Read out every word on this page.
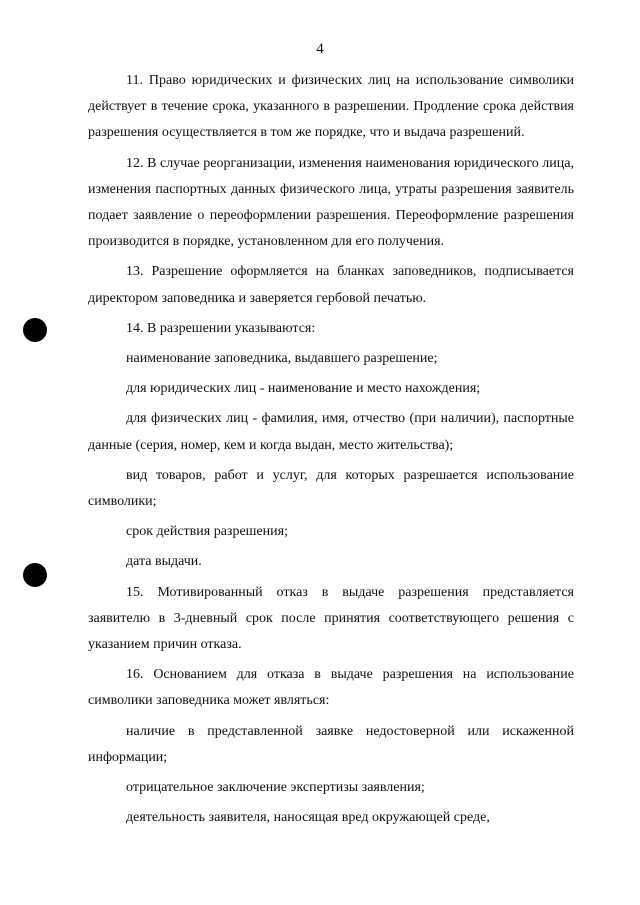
4

11. Право юридических и физических лиц на использование символики действует в течение срока, указанного в разрешении. Продление срока действия разрешения осуществляется в том же порядке, что и выдача разрешений.

12. В случае реорганизации, изменения наименования юридического лица, изменения паспортных данных физического лица, утраты разрешения заявитель подает заявление о переоформлении разрешения. Переоформление разрешения производится в порядке, установленном для его получения.

13. Разрешение оформляется на бланках заповедников, подписывается директором заповедника и заверяется гербовой печатью.

14. В разрешении указываются:

наименование заповедника, выдавшего разрешение;

для юридических лиц - наименование и место нахождения;

для физических лиц - фамилия, имя, отчество (при наличии), паспортные данные (серия, номер, кем и когда выдан, место жительства);

вид товаров, работ и услуг, для которых разрешается использование символики;

срок действия разрешения;

дата выдачи.

15. Мотивированный отказ в выдаче разрешения представляется заявителю в 3-дневный срок после принятия соответствующего решения с указанием причин отказа.

16. Основанием для отказа в выдаче разрешения на использование символики заповедника может являться:

наличие в представленной заявке недостоверной или искаженной информации;

отрицательное заключение экспертизы заявления;

деятельность заявителя, наносящая вред окружающей среде,
